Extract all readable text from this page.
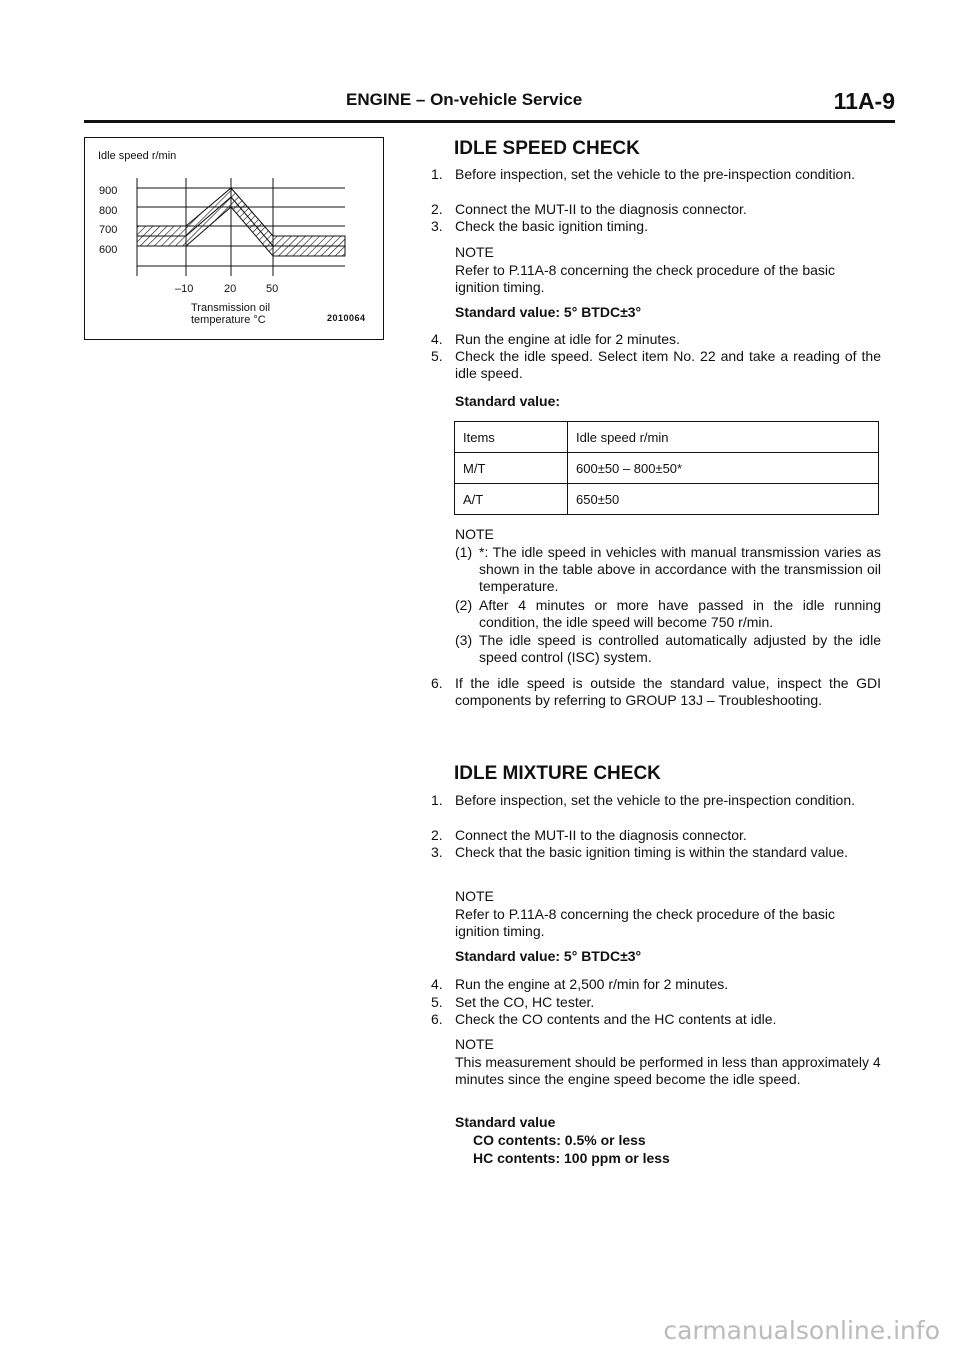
ENGINE – On-vehicle Service	11A-9
Idle speed r/min
900
800
700
600
–10	20	50
Transmission oil
temperature °C	2010064
IDLE SPEED CHECK
1. Before inspection, set the vehicle to the pre-inspection condition.
2. Connect the MUT-II to the diagnosis connector.
3. Check the basic ignition timing.
NOTE
Refer to P.11A-8 concerning the check procedure of the basic ignition timing.
Standard value: 5° BTDC±3°
4. Run the engine at idle for 2 minutes.
5. Check the idle speed. Select item No. 22 and take a reading of the idle speed.
Standard value:
Items	Idle speed r/min
M/T	600±50 – 800±50*
A/T	650±50
NOTE
(1) *: The idle speed in vehicles with manual transmission varies as shown in the table above in accordance with the transmission oil temperature.
(2) After 4 minutes or more have passed in the idle running condition, the idle speed will become 750 r/min.
(3) The idle speed is controlled automatically adjusted by the idle speed control (ISC) system.
6. If the idle speed is outside the standard value, inspect the GDI components by referring to GROUP 13J – Troubleshooting.
IDLE MIXTURE CHECK
1. Before inspection, set the vehicle to the pre-inspection condition.
2. Connect the MUT-II to the diagnosis connector.
3. Check that the basic ignition timing is within the standard value.
NOTE
Refer to P.11A-8 concerning the check procedure of the basic ignition timing.
Standard value: 5° BTDC±3°
4. Run the engine at 2,500 r/min for 2 minutes.
5. Set the CO, HC tester.
6. Check the CO contents and the HC contents at idle.
NOTE
This measurement should be performed in less than approximately 4 minutes since the engine speed become the idle speed.
Standard value
CO contents: 0.5% or less
HC contents: 100 ppm or less
carmanualsonline.info
